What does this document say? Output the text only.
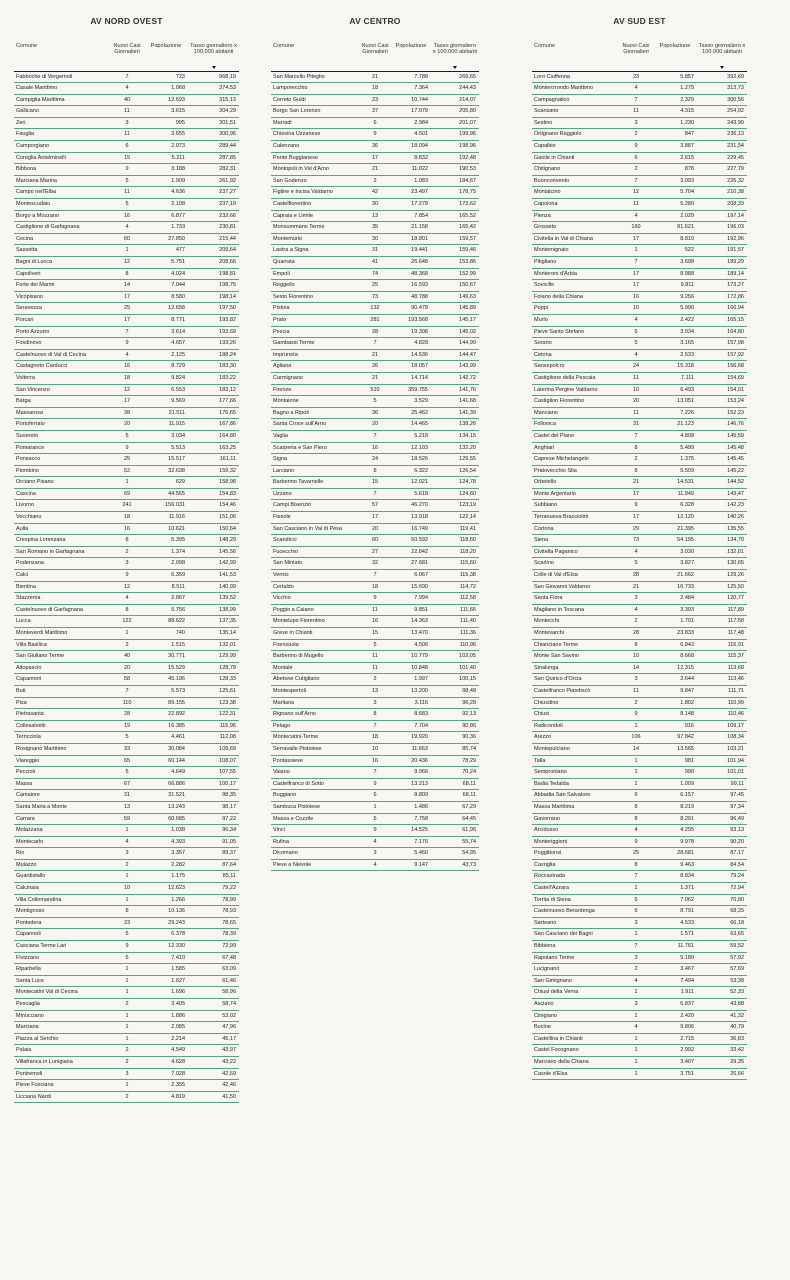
AV NORD OVEST
Comune	Nuovi Casi Giornalieri	Popolazione	Tasso giornaliero x 100.000 abitanti

Fabbriche di Vergemoli	7	723	968,19
Casale Marittimo	4	1.068	374,53
Campiglia Marittima	40	12.693	315,13
Gallicano	11	3.615	304,29
Zeri	3	995	301,51
Fauglia	11	3.655	300,96
Camporgiano	6	2.073	289,44
Coreglia Antelminelli	15	5.211	287,85
Bibbona	9	3.188	282,31
Marciana Marina	5	1.909	261,92
Campo nell'Elba	11	4.636	237,27
Montescudaio	5	2.108	237,19
Borgo a Mozzano	16	6.877	232,66
Castiglione di Garfagnana	4	1.733	230,81
Cecina	60	27.850	215,44
Sassetta	1	477	209,64
Bagni di Lucca	12	5.751	208,66
Capoliveri	8	4.024	198,81
Forte dei Marmi	14	7.044	198,75
Vicopisano	17	8.580	198,14
Seravezza	25	12.658	197,50
Porcari	17	8.771	193,82
Porto Azzurro	7	3.614	193,69
Fosdinovo	9	4.657	193,26
Castelnuovo di Val di Cecina	4	2.125	188,24
Castagneto Carducci	16	8.729	183,30
Volterra	18	9.824	183,22
San Vincenzo	12	6.553	183,12
Barga	17	9.569	177,66
Massarosa	38	21.511	176,65
Portoferraio	20	11.915	167,86
Suvereto	5	3.034	164,80
Pomarance	9	5.513	163,25
Ponsacco	25	15.517	161,11
Piombino	52	32.638	159,32
Orciano Pisano	1	629	158,98
Cascina	69	44.565	154,83
Livorno	241	156.031	154,46
Vecchiano	18	11.916	151,06
Aulla	16	10.621	150,64
Crespina Lorenzana	8	5.395	148,29
San Romano in Garfagnana	2	1.374	145,56
Podenzana	3	2.098	142,99
Calci	9	6.359	141,53
Bientina	12	8.511	140,99
Stazzema	4	2.867	139,52
Castelnuovo di Garfagnana	8	5.756	138,99
Lucca	122	88.622	137,35
Monteverdi Marittimo	1	740	135,14
Villa Basilica	2	1.515	132,01
San Giuliano Terme	40	30.771	129,99
Altopascio	20	15.529	128,79
Capannori	58	45.196	128,33
Buti	7	5.573	125,61
Pisa	110	89.155	123,38
Pietrasanta	28	22.892	122,31
Collesalvetti	19	16.385	115,96
Terricciola	5	4.461	112,08
Rosignano Marittimo	33	30.084	109,69
Viareggio	65	60.144	108,07
Peccioli	5	4.649	107,55
Massa	67	66.886	100,17
Camaiore	31	31.521	98,35
Santa Maria a Monte	13	13.243	98,17
Carrara	59	60.685	97,22
Molazzana	1	1.038	96,34
Montecarlo	4	4.393	91,05
Rio	3	3.357	89,37
Mulazzo	2	2.282	87,64
Guardistallo	1	1.175	85,11
Calcinaia	10	12.623	79,22
Villa Collemandina	1	1.266	78,99
Montignoso	8	10.136	78,93
Pontedera	23	29.243	78,65
Capannoli	5	6.378	78,39
Casciana Terme Lari	9	12.330	72,99
Fivizzano	5	7.410	67,48
Riparbella	1	1.585	63,09
Santa Luce	1	1.627	61,46
Montecatini Val di Cecina	1	1.696	58,96
Pescaglia	2	3.405	58,74
Minucciano	1	1.886	53,02
Marciana	1	2.085	47,96
Piazza al Serchio	1	2.214	45,17
Palaia	2	4.549	43,97
Villafranca in Lunigiana	2	4.628	43,22
Pontremoli	3	7.028	42,69
Pieve Fosciana	1	2.355	42,46
Licciana Nardi	2	4.819	41,50
AV CENTRO
Comune	Nuovi Casi Giornalieri	Popolazione	Tasso giornaliero x 100.000 abitanti

San Marcello Piteglio	21	7.788	269,65
Lamporecchio	18	7.364	244,43
Cerreto Guidi	23	10.744	214,07
Borgo San Lorenzo	37	17.979	205,80
Marradi	6	2.984	201,07
Chiesina Uzzanese	9	4.501	199,96
Calenzano	36	18.094	198,96
Ponte Buggianese	17	8.832	192,48
Montopoli in Val d'Arno	21	11.022	190,53
San Godenzo	2	1.083	184,67
Figline e Incisa Valdarno	42	23.497	178,75
Castelfiorentino	30	17.279	173,62
Capraia e Limite	13	7.854	165,52
Monsummano Terme	35	21.158	165,42
Montemurlo	30	18.801	159,57
Lastra a Signa	31	19.441	159,46
Quarrata	41	26.648	153,86
Empoli	74	48.368	152,99
Reggello	25	16.593	150,67
Sesto Fiorentino	73	48.788	149,63
Pistoia	132	90.479	145,89
Prato	281	193.568	145,17
Pescia	28	19.308	145,02
Gambassi Terme	7	4.828	144,99
Impruneta	21	14.536	144,47
Agliana	26	18.057	143,99
Carmignano	21	14.714	142,72
Firenze	510	359.755	141,76
Montaione	5	3.529	141,68
Bagno a Ripoli	36	25.462	141,39
Santa Croce sull'Arno	20	14.465	138,26
Vaglia	7	5.218	134,15
Scarperia e San Piero	16	12.103	132,20
Signa	24	18.526	129,55
Larciano	8	6.322	126,54
Barberino Tavarnelle	15	12.021	124,78
Uzzano	7	5.618	124,60
Campi Bisenzio	57	46.270	123,19
Fiesole	17	13.918	122,14
San Casciano in Val di Pesa	20	16.749	119,41
Scandicci	60	50.592	118,60
Fucecchio	27	22.842	118,20
San Miniato	32	27.681	115,60
Vernio	7	6.067	115,38
Certaldo	18	15.690	114,72
Vicchio	9	7.994	112,58
Poggio a Caiano	11	9.851	111,66
Montelupo Fiorentino	16	14.363	111,40
Greve in Chianti	15	13.470	111,36
Firenzuola	5	4.506	110,96
Barberino di Mugello	11	10.779	102,05
Montale	11	10.848	101,40
Abetone Cutigliano	2	1.997	100,15
Montespertoli	13	13.200	98,48
Marliana	3	3.116	96,28
Rignano sull'Arno	8	8.683	92,13
Pelago	7	7.704	90,86
Montecatini-Terme	18	19.920	90,36
Serravalle Pistoiese	10	11.663	85,74
Pontassieve	16	20.436	78,29
Vaiano	7	9.966	70,24
Castelfranco di Sotto	9	13.213	68,11
Buggiano	6	8.809	68,11
Sambuca Pistoiese	1	1.486	67,29
Massa e Cozzile	5	7.758	64,45
Vinci	9	14.525	61,96
Rufina	4	7.176	55,74
Dicomano	3	5.460	54,95
Pieve a Nievole	4	9.147	43,73
AV SUD EST
Comune	Nuovi Casi Giornalieri	Popolazione	Tasso giornaliero x 100.000 abitanti

Loro Ciuffenna	23	5.857	392,69
Monteroтondo Marittimo	4	1.275	313,73
Campagnatico	7	2.329	300,56
Scansano	11	4.315	254,92
Sestino	3	1.230	243,90
Ortignano Raggiolo	2	847	236,13
Capalbio	9	3.887	231,54
Gaiole in Chianti	6	2.615	229,45
Chitignano	2	878	227,79
Buonconvento	7	3.093	226,32
Montalcino	12	5.704	210,38
Capolona	11	5.280	208,33
Pienza	4	2.029	197,14
Grosseto	160	81.621	196,03
Civitella in Val di Chiana	17	8.810	192,96
Montemignaio	1	522	191,57
Pitigliano	7	3.698	189,29
Monteroni d'Arbia	17	8.988	189,14
Sovicille	17	9.811	173,27
Foiano della Chiana	16	9.256	172,86
Poppi	10	5.990	166,94
Murlo	4	2.422	165,15
Pieve Santo Stefano	5	3.034	164,80
Sorano	5	3.165	157,98
Cetona	4	2.533	157,92
Sansepolcro	24	15.318	156,68
Castiglione della Pescaia	11	7.111	154,69
Laterina Pergine Valdarno	10	6.493	154,01
Castiglion Fiorentino	20	13.051	153,24
Manciano	11	7.226	152,23
Follonica	31	21.123	146,76
Castel del Piano	7	4.808	145,59
Anghiari	8	5.499	145,48
Caprese Michelangelo	2	1.375	145,45
Pratovecchio Stia	8	5.509	145,22
Orbetello	21	14.531	144,52
Monte Argentario	17	11.849	143,47
Subbiano	9	6.328	142,23
Terranuova Bracciolini	17	12.120	140,26
Cortona	29	21.395	135,55
Siena	73	54.195	134,70
Civitella Paganico	4	3.030	132,01
Scarlino	5	3.827	130,65
Colle di Val d'Elsa	28	21.662	129,26
San Giovanni Valdarno	21	16.733	125,50
Santa Fiora	3	2.484	120,77
Magliano in Toscana	4	3.393	117,89
Montecchi	2	1.701	117,58
Montevarchi	28	23.833	117,48
Chianciano Terme	8	6.843	116,91
Monte San Savino	10	8.668	115,37
Sinalunga	14	12.315	113,68
San Quirico d'Orcia	3	2.644	113,46
Castelfranco Piandiscò	11	9.847	111,71
Chiusdino	2	1.802	110,99
Chiusi	9	8.148	110,46
Radicondoli	1	916	109,17
Arezzo	106	97.842	108,34
Montepulciano	14	13.565	103,21
Talla	1	981	101,94
Semproniano	1	990	101,01
Badia Tedalda	1	1.009	99,11
Abbadia San Salvatore	6	6.157	97,45
Massa Marittima	8	8.219	97,34
Gavorrano	8	8.291	96,49
Arcidosso	4	4.295	93,13
Monteriggioni	9	9.978	90,20
Poggibonsi	25	28.681	87,17
Cavriglia	8	9.463	84,54
Roccastrada	7	8.834	79,24
Castell'Azzara	1	1.371	72,94
Torrita di Siena	5	7.062	70,80
Castelnuovo Berardenga	6	8.791	68,25
Sarteano	3	4.533	66,18
San Casciano dei Bagni	1	1.571	63,65
Bibbiena	7	11.761	59,52
Rapolano Terme	3	5.180	57,92
Lucignano	2	3.467	57,69
San Gimignano	4	7.494	53,38
Chiusi della Verna	1	1.911	52,33
Asciano	3	6.837	43,88
Cinigiano	1	2.420	41,32
Bucine	4	9.806	40,79
Castellina in Chianti	1	2.715	36,83
Castel Focognano	1	2.992	33,42
Marciano della Chiana	1	3.407	29,35
Casole d'Elsa	1	3.751	26,66
